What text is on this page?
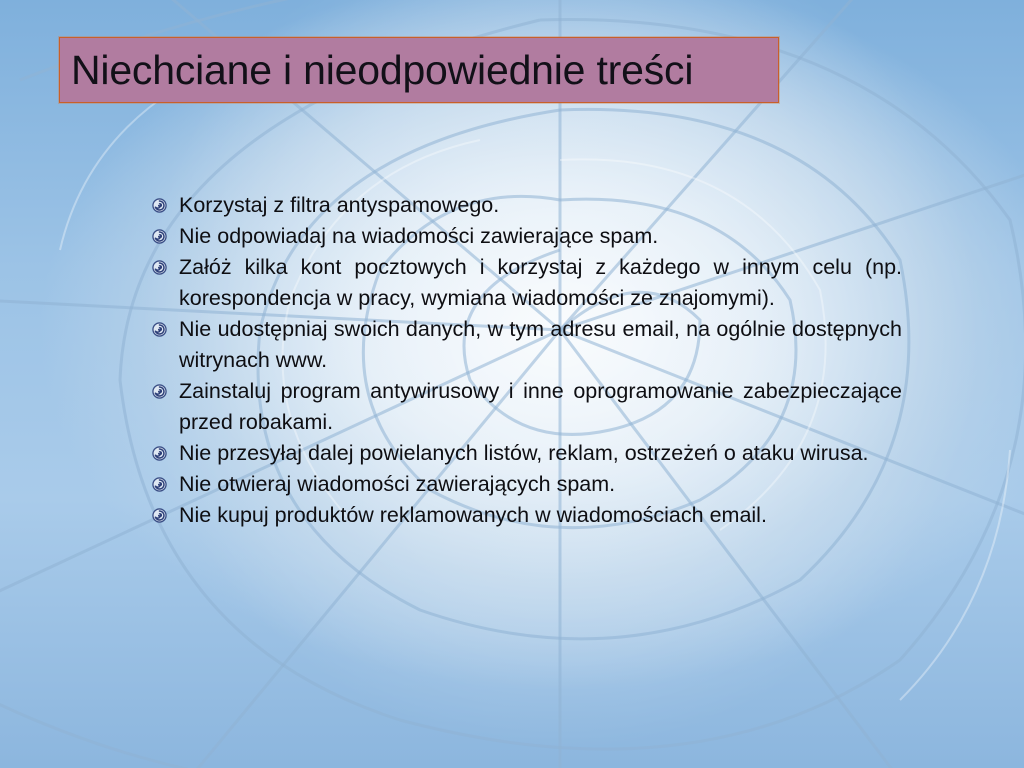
Niechciane i nieodpowiednie treści
Korzystaj z filtra antyspamowego.
Nie odpowiadaj na wiadomości zawierające spam.
Załóż kilka kont pocztowych i korzystaj z każdego w innym celu (np. korespondencja w pracy, wymiana wiadomości ze znajomymi).
Nie udostępniaj swoich danych, w tym adresu email, na ogólnie dostępnych witrynach www.
Zainstaluj program antywirusowy i inne oprogramowanie zabezpieczające przed robakami.
Nie przesyłaj dalej powielanych listów, reklam, ostrzeżeń o ataku wirusa.
Nie otwieraj wiadomości zawierających spam.
Nie kupuj produktów reklamowanych w wiadomościach email.
